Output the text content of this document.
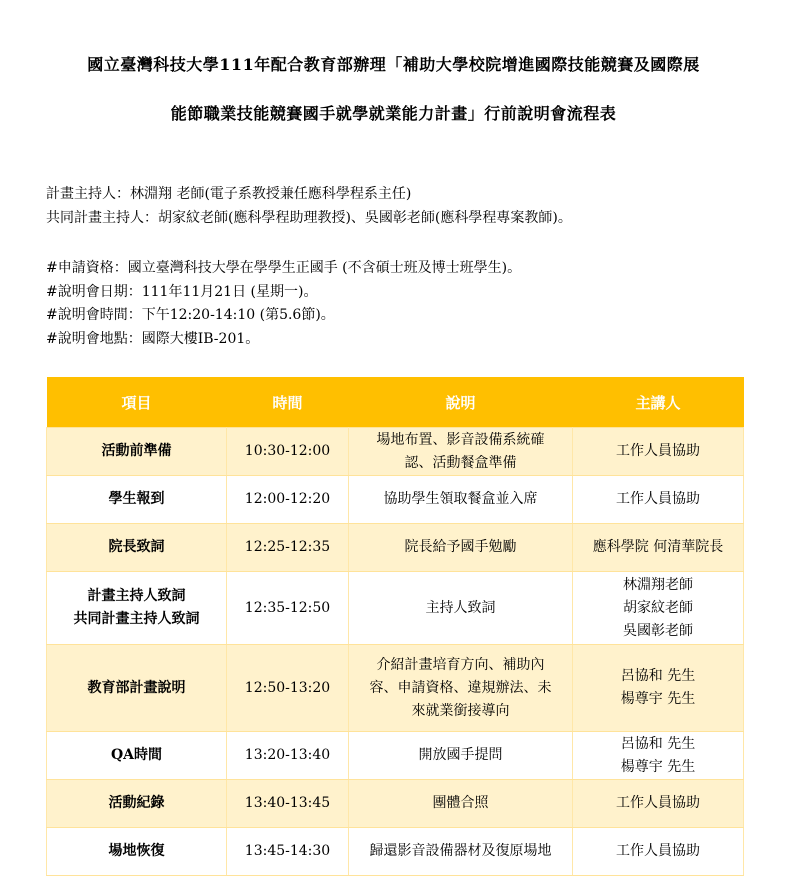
國立臺灣科技大學111年配合教育部辦理「補助大學校院增進國際技能競賽及國際展
能節職業技能競賽國手就學就業能力計畫」行前說明會流程表
計畫主持人：林淵翔 老師(電子系教授兼任應科學程系主任)
共同計畫主持人：胡家紋老師(應科學程助理教授)、吳國彰老師(應科學程專案教師)。
#申請資格：國立臺灣科技大學在學學生正國手 (不含碩士班及博士班學生)。
#說明會日期：111年11月21日 (星期一)。
#說明會時間：下午12:20-14:10 (第5.6節)。
#說明會地點：國際大樓IB-201。
項目	時間	說明	主講人

活動前準備	10:30-12:00	場地布置、影音設備系統確
認、活動餐盒準備	工作人員協助

學生報到	12:00-12:20	協助學生領取餐盒並入席	工作人員協助

院長致詞	12:25-12:35	院長給予國手勉勵	應科學院 何清華院長

計畫主持人致詞
共同計畫主持人致詞	12:35-12:50	主持人致詞	林淵翔老師
胡家紋老師
吳國彰老師

教育部計畫說明	12:50-13:20	介紹計畫培育方向、補助內
容、申請資格、違規辦法、未
來就業銜接導向	呂協和 先生
楊尊宇 先生

QA時間	13:20-13:40	開放國手提問	呂協和 先生
楊尊宇 先生

活動紀錄	13:40-13:45	團體合照	工作人員協助

場地恢復	13:45-14:30	歸還影音設備器材及復原場地	工作人員協助
